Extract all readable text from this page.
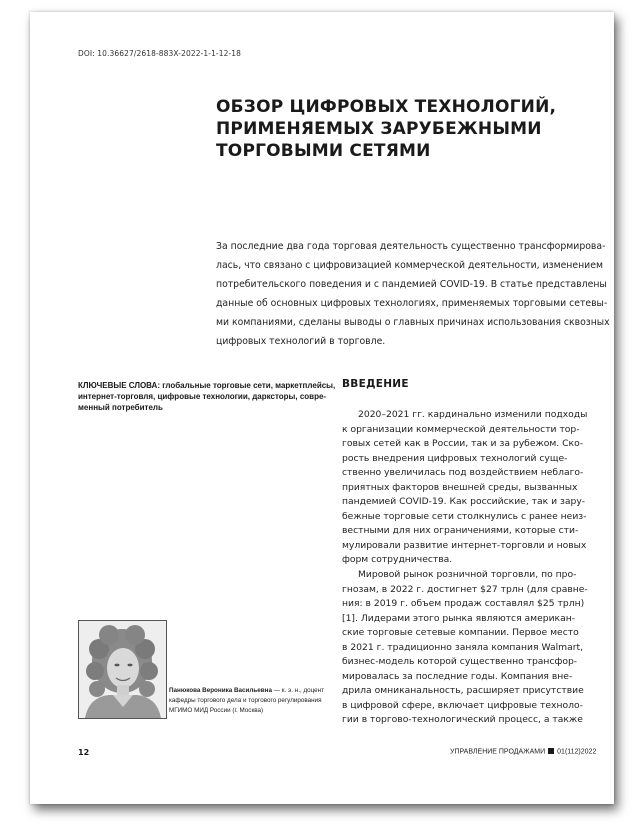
DOI: 10.36627/2618-883X-2022-1-1-12-18
ОБЗОР ЦИФРОВЫХ ТЕХНОЛОГИЙ,
ПРИМЕНЯЕМЫХ ЗАРУБЕЖНЫМИ
ТОРГОВЫМИ СЕТЯМИ
За последние два года торговая деятельность существенно трансформирова-
лась, что связано с цифровизацией коммерческой деятельности, изменением
потребительского поведения и с пандемией COVID-19. В статье представлены
данные об основных цифровых технологиях, применяемых торговыми сетевы-
ми компаниями, сделаны выводы о главных причинах использования сквозных
цифровых технологий в торговле.
КЛЮЧЕВЫЕ СЛОВА: глобальные торговые сети, маркетплейсы,
интернет-торговля, цифровые технологии, дарксторы, совре-
менный потребитель
ВВЕДЕНИЕ
2020–2021 гг. кардинально изменили подходы
к организации коммерческой деятельности тор-
говых сетей как в России, так и за рубежом. Ско-
рость внедрения цифровых технологий суще-
ственно увеличилась под воздействием неблаго-
приятных факторов внешней среды, вызванных
пандемией COVID-19. Как российские, так и зару-
бежные торговые сети столкнулись с ранее неиз-
вестными для них ограничениями, которые сти-
мулировали развитие интернет-торговли и новых
форм сотрудничества.
Мировой рынок розничной торговли, по про-
гнозам, в 2022 г. достигнет $27 трлн (для сравне-
ния: в 2019 г. объем продаж составлял $25 трлн)
[1]. Лидерами этого рынка являются американ-
ские торговые сетевые компании. Первое место
в 2021 г. традиционно заняла компания Walmart,
бизнес-модель которой существенно трансфор-
мировалась за последние годы. Компания вне-
дрила омниканальность, расширяет присутствие
в цифровой сфере, включает цифровые техноло-
гии в торгово-технологический процесс, а также
Панюкова Вероника Васильевна — к. э. н., доцент
кафедры торгового дела и торгового регулирования
МГИМО МИД России (г. Москва)
12	УПРАВЛЕНИЕ ПРОДАЖАМИ 01(112)2022
